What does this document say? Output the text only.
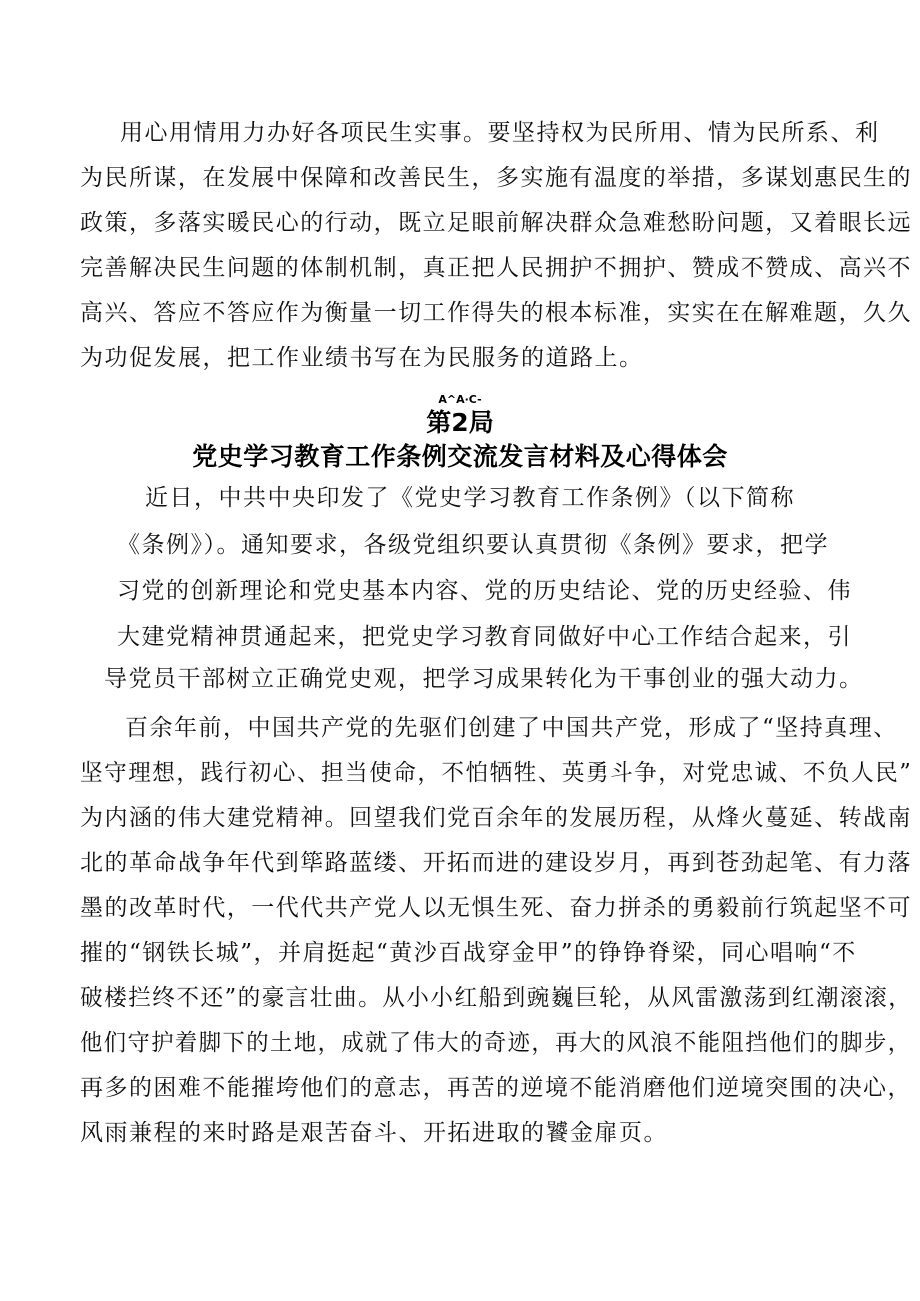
用心用情用力办好各项民生实事。要坚持权为民所用、情为民所系、利
为民所谋，在发展中保障和改善民生，多实施有温度的举措，多谋划惠民生的
政策，多落实暖民心的行动，既立足眼前解决群众急难愁盼问题，又着眼长远
完善解决民生问题的体制机制，真正把人民拥护不拥护、赞成不赞成、高兴不
高兴、答应不答应作为衡量一切工作得失的根本标准，实实在在解难题，久久
为功促发展，把工作业绩书写在为民服务的道路上。
A^A·C-
第2局
党史学习教育工作条例交流发言材料及心得体会
近日，中共中央印发了《党史学习教育工作条例》（以下简称
《条例》）。通知要求，各级党组织要认真贯彻《条例》要求，把学
习党的创新理论和党史基本内容、党的历史结论、党的历史经验、伟
大建党精神贯通起来，把党史学习教育同做好中心工作结合起来，引
导党员干部树立正确党史观，把学习成果转化为干事创业的强大动力。
百余年前，中国共产党的先驱们创建了中国共产党，形成了“坚持真理、
坚守理想，践行初心、担当使命，不怕牺牲、英勇斗争，对党忠诚、不负人民”
为内涵的伟大建党精神。回望我们党百余年的发展历程，从烽火蔓延、转战南
北的革命战争年代到筚路蓝缕、开拓而进的建设岁月，再到苍劲起笔、有力落
墨的改革时代，一代代共产党人以无惧生死、奋力拼杀的勇毅前行筑起坚不可
摧的“钢铁长城”，并肩挺起“黄沙百战穿金甲”的铮铮脊梁，同心唱响“不
破楼拦终不还”的豪言壮曲。从小小红船到豌巍巨轮，从风雷激荡到红潮滚滚，
他们守护着脚下的土地，成就了伟大的奇迹，再大的风浪不能阻挡他们的脚步，
再多的困难不能摧垮他们的意志，再苦的逆境不能消磨他们逆境突围的决心，
风雨兼程的来时路是艰苦奋斗、开拓进取的饕金扉页。
